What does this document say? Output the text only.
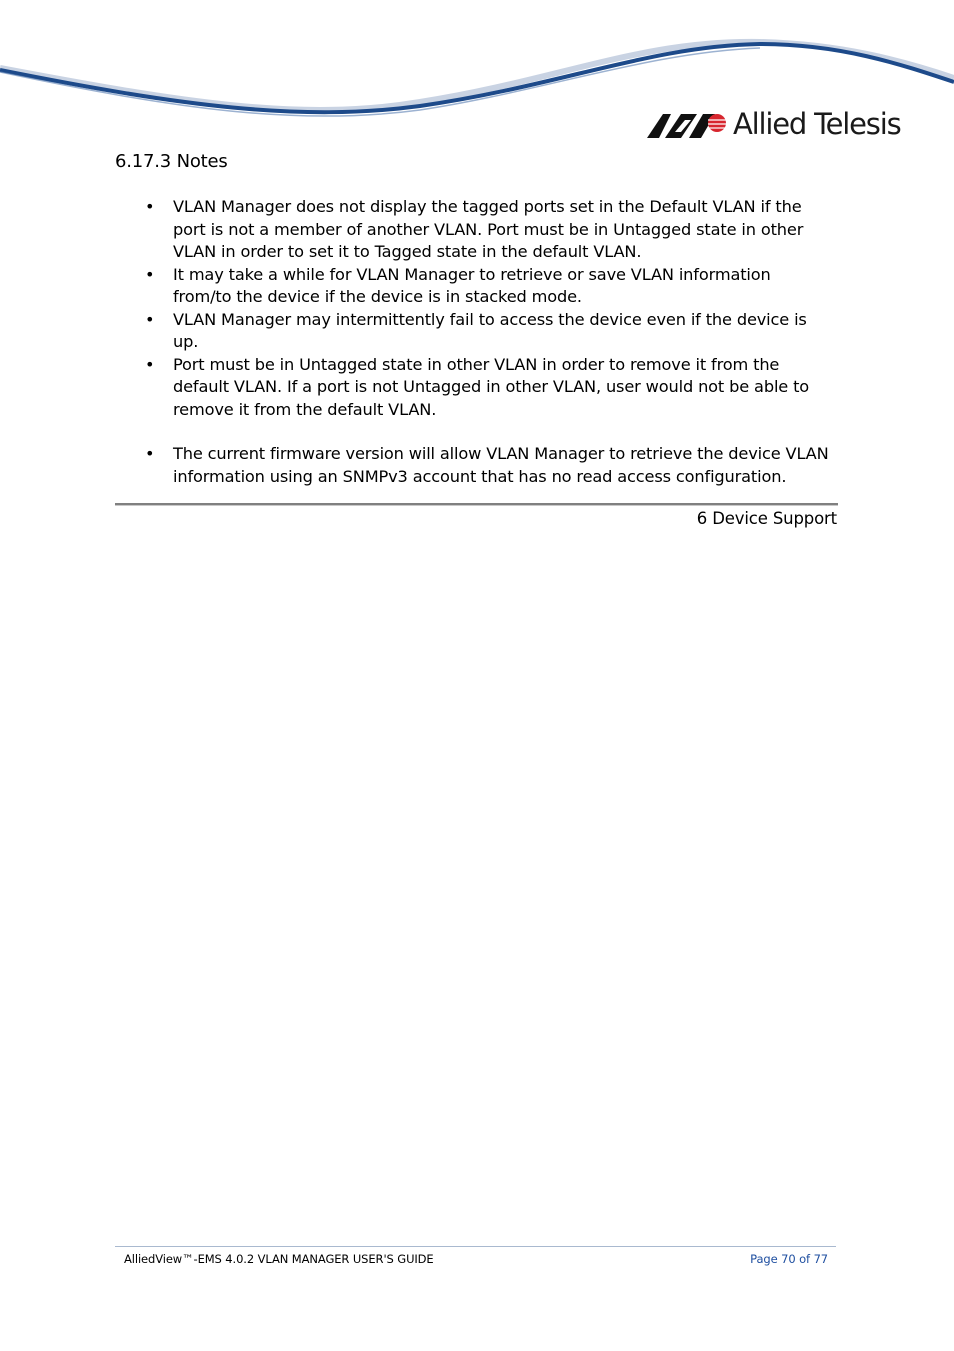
Allied Telesis
6.17.3 Notes
• VLAN Manager does not display the tagged ports set in the Default VLAN if the port is not a member of another VLAN. Port must be in Untagged state in other VLAN in order to set it to Tagged state in the default VLAN.
• It may take a while for VLAN Manager to retrieve or save VLAN information from/to the device if the device is in stacked mode.
• VLAN Manager may intermittently fail to access the device even if the device is up.
• Port must be in Untagged state in other VLAN in order to remove it from the default VLAN. If a port is not Untagged in other VLAN, user would not be able to remove it from the default VLAN.
• The current firmware version will allow VLAN Manager to retrieve the device VLAN information using an SNMPv3 account that has no read access configuration.
6 Device Support
AlliedView™-EMS 4.0.2 VLAN MANAGER USER'S GUIDE	Page 70 of 77
